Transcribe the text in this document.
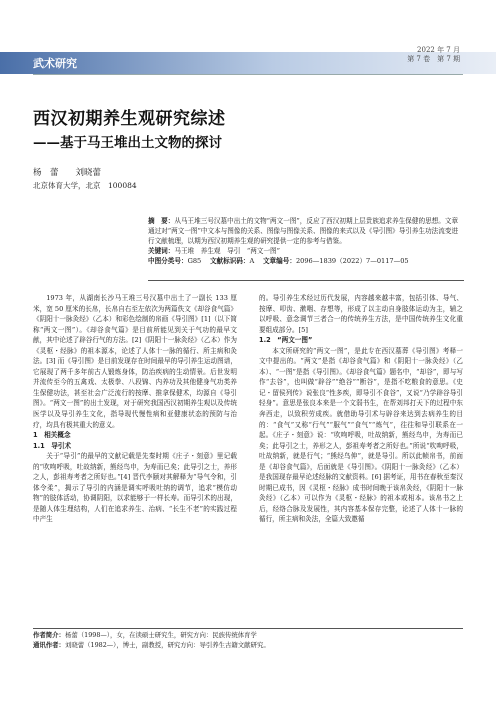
武术研究
2022 年 7 月
第 7 卷　第 7 期
西汉初期养生观研究综述
——基于马王堆出土文物的探讨
杨　蕾　　刘晓蕾
北京体育大学，北京　100084
摘　要：从马王堆三号汉墓中出土的文物“两文一图”，反应了西汉初期上层贵族追求养生保健的思想。文章通过对“两文一图”中文本与图像的关系、图像与图像关系、图像的来式以及《导引图》导引养生功法流变进行文献梳理，以期为西汉初期养生观的研究提供一定的参考与借鉴。
关键词：马王堆　养生观　导引　“两文一图”
中图分类号：G85　 文献标识码：A　 文章编号：2096—1839（2022）7—0117—05

1973 年，从湖南长沙马王堆三号汉墓中出土了一副长 133 厘米，宽 50 厘米的长帛，长帛自右至左依次为两篇佚文《却谷食气篇》《阴阳十一脉灸经》（乙本）和彩色绘制的帛画《导引图》[1]（以下简称“两文一图”）。《却谷食气篇》是目前所能见到关于气功的最早文献，其中论述了辟谷行气的方法。[2]《阴阳十一脉灸经》（乙本）作为《灵枢・经脉》的祖本源本，论述了人体十一脉的循行、所主病和灸法。[3] 而《导引图》是目前发现存在时间最早的导引养生运动图谱，它展现了两千多年前古人锻炼身体，防治疾病的生动情景。后世发明并流传至今的五禽戏、太极拳、八段锦、内养功及其他健身气功类养生保健功法，甚至社会广泛流行的按摩、推拿保健术，均源自《导引图》。“两文一图”的出土发现，对于研究我国西汉初期养生观以及传统医学以及导引养生文化，指导现代慢性病和亚健康状态的预防与治疗，均具有极其重大的意义。

1　相关概念

1.1　导引术

关于“导引”的最早的文献记载是先秦时期《庄子・刻意》里记载的“吹呴呼吸，吐故纳新，熊经鸟申，为寿而已矣；此导引之士，养形之人，彭祖寿考者之所好也。”[4] 晋代李颐对其解释为“导气令和，引体令柔”，揭示了导引的内涵是调实呼吸吐纳的调节，追求“模仿动物”的肢体活动，协调阴阳，以求能够于一样长寿。而导引术的出现，是随人体生理结构，人们在追求养生、治病、“长生不老”的实践过程中产生

的。导引养生术经过历代发展，内容越来越丰富，包括引体、导气、按摩、叩齿、漱咽、存想等，形成了以主动自身肢体运动为主，辅之以呼吸、意念调节三者合一的传统养生方法，是中国传统养生文化重要组成部分。[5]

1.2　“两文一图”

本文所研究的“两文一图”，是此专在西汉墓葬《导引图》考释一文中提出的。“两文”是指《却谷食气篇》和《阴阳十一脉灸经》（乙本）、“一图”是指《导引图》。《却谷食气篇》题名中，“却谷”，即与写作“去谷”，也叫做“辟谷”“绝谷”“断谷”，是指不吃粮食的意思。《史记・留侯列传》说张良“性多疾，即导引不食谷”，又说“乃学辟谷导引轻身”。意思是张良本来是一个文弱书生，在帮刘邦打天下的过程中东奔西走，以致积劳成疾。就借助导引术与辟谷来达到去病养生的目的：“食气”又称“行气”“服气”“食气”“炼气”，往往和导引联系在一起。《庄子・刻意》说：“吹呴呼吸，吐故纳新，熊经鸟申，为寿而已矣；此导引之士，养形之人，彭祖寿考者之所好也。”所说“吹呴呼吸，吐故纳新，就是行气；“熊经鸟伸”，就是导引。所以此帧帛书，前面是《却谷食气篇》，后面就是《导引图》。《阴阳十一脉灸经》（乙本）是我国现存最早论述经脉的文献资料。[6] 据考证，用书在春秋至秦汉时期已成书，因《灵枢・经脉》成书时间晚于该帛灸经，《阴阳十一脉灸经》（乙本）可以作为《灵枢・经脉》的祖本或相本。该帛书之上后，经络合脉及发展性，其内容基本保存完整，论述了人体十一脉的循行，所主病和灸法，全篇大致邀循

作者简介：杨蕾（1998—），女，在读硕士研究生，研究方向：民族传统体育学
通讯作者：刘晓蕾（1982—），博士，副教授，研究方向：导引养生古籍文献研究。
